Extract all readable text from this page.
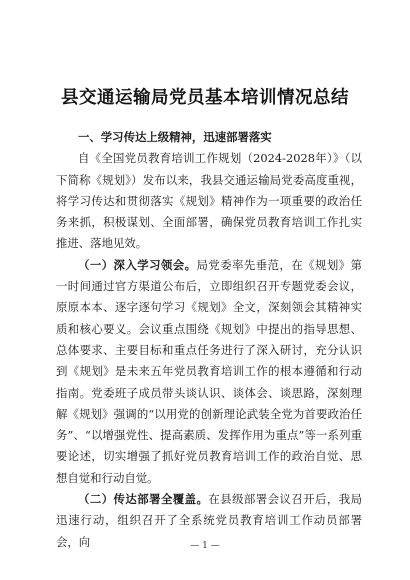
县交通运输局党员基本培训情况总结

一、学习传达上级精神，迅速部署落实

自《全国党员教育培训工作规划（2024-2028年）》（以下简称《规划》）发布以来，我县交通运输局党委高度重视，将学习传达和贯彻落实《规划》精神作为一项重要的政治任务来抓，积极谋划、全面部署，确保党员教育培训工作扎实推进、落地见效。

（一）深入学习领会。局党委率先垂范，在《规划》第一时间通过官方渠道公布后，立即组织召开专题党委会议，原原本本、逐字逐句学习《规划》全文，深刻领会其精神实质和核心要义。会议重点围绕《规划》中提出的指导思想、总体要求、主要目标和重点任务进行了深入研讨，充分认识到《规划》是未来五年党员教育培训工作的根本遵循和行动指南。党委班子成员带头谈认识、谈体会、谈思路，深刻理解《规划》强调的“以用党的创新理论武装全党为首要政治任务”、“以增强党性、提高素质、发挥作用为重点”等一系列重要论述，切实增强了抓好党员教育培训工作的政治自觉、思想自觉和行动自觉。

（二）传达部署全覆盖。在县级部署会议召开后，我局迅速行动，组织召开了全系统党员教育培训工作动员部署会，向	— 1 —
